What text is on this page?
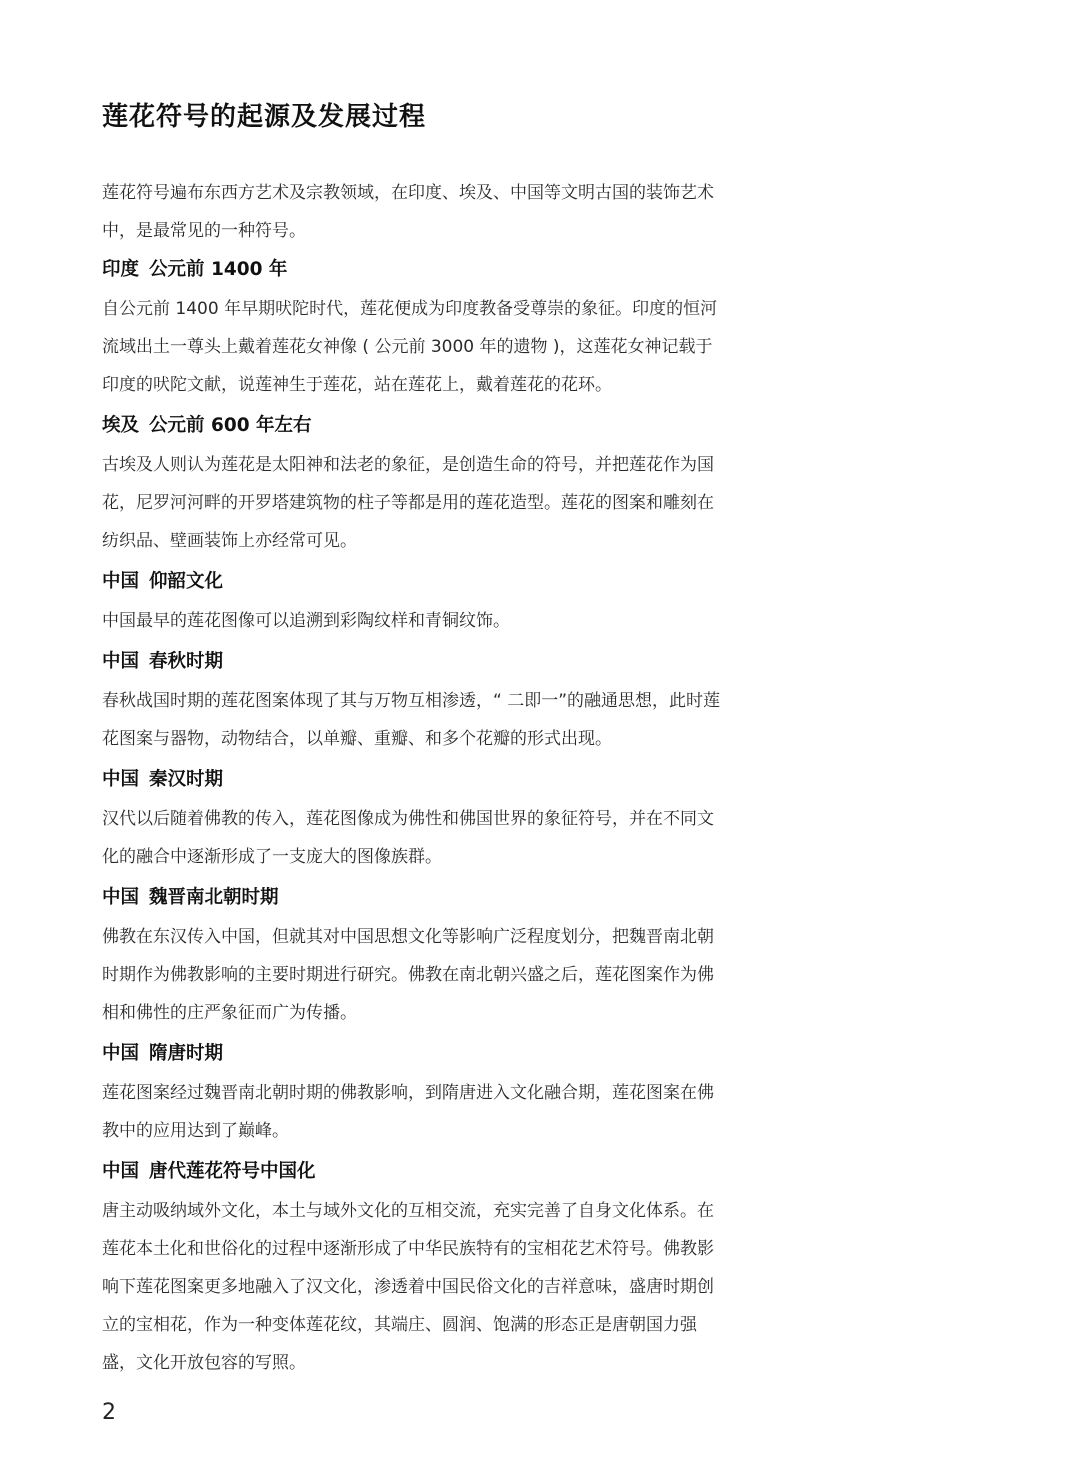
莲花符号的起源及发展过程

莲花符号遍布东西方艺术及宗教领域，在印度、埃及、中国等文明古国的装饰艺术中，是最常见的一种符号。

印度 公元前 1400 年

自公元前 1400 年早期吠陀时代，莲花便成为印度教备受尊崇的象征。印度的恒河流域出土一尊头上戴着莲花女神像 ( 公元前 3000 年的遗物 )，这莲花女神记载于印度的吠陀文献，说莲神生于莲花，站在莲花上，戴着莲花的花环。

埃及 公元前 600 年左右

古埃及人则认为莲花是太阳神和法老的象征，是创造生命的符号，并把莲花作为国花，尼罗河河畔的开罗塔建筑物的柱子等都是用的莲花造型。莲花的图案和雕刻在纺织品、壁画装饰上亦经常可见。

中国 仰韶文化

中国最早的莲花图像可以追溯到彩陶纹样和青铜纹饰。

中国 春秋时期

春秋战国时期的莲花图案体现了其与万物互相渗透，“ 二即一”的融通思想，此时莲花图案与器物，动物结合，以单瓣、重瓣、和多个花瓣的形式出现。

中国 秦汉时期

汉代以后随着佛教的传入，莲花图像成为佛性和佛国世界的象征符号，并在不同文化的融合中逐渐形成了一支庞大的图像族群。

中国 魏晋南北朝时期

佛教在东汉传入中国，但就其对中国思想文化等影响广泛程度划分，把魏晋南北朝时期作为佛教影响的主要时期进行研究。佛教在南北朝兴盛之后，莲花图案作为佛相和佛性的庄严象征而广为传播。

中国 隋唐时期

莲花图案经过魏晋南北朝时期的佛教影响，到隋唐进入文化融合期，莲花图案在佛教中的应用达到了巅峰。

中国 唐代莲花符号中国化

唐主动吸纳域外文化，本土与域外文化的互相交流，充实完善了自身文化体系。在莲花本土化和世俗化的过程中逐渐形成了中华民族特有的宝相花艺术符号。佛教影响下莲花图案更多地融入了汉文化，渗透着中国民俗文化的吉祥意味，盛唐时期创立的宝相花，作为一种变体莲花纹，其端庄、圆润、饱满的形态正是唐朝国力强盛，文化开放包容的写照。

2
